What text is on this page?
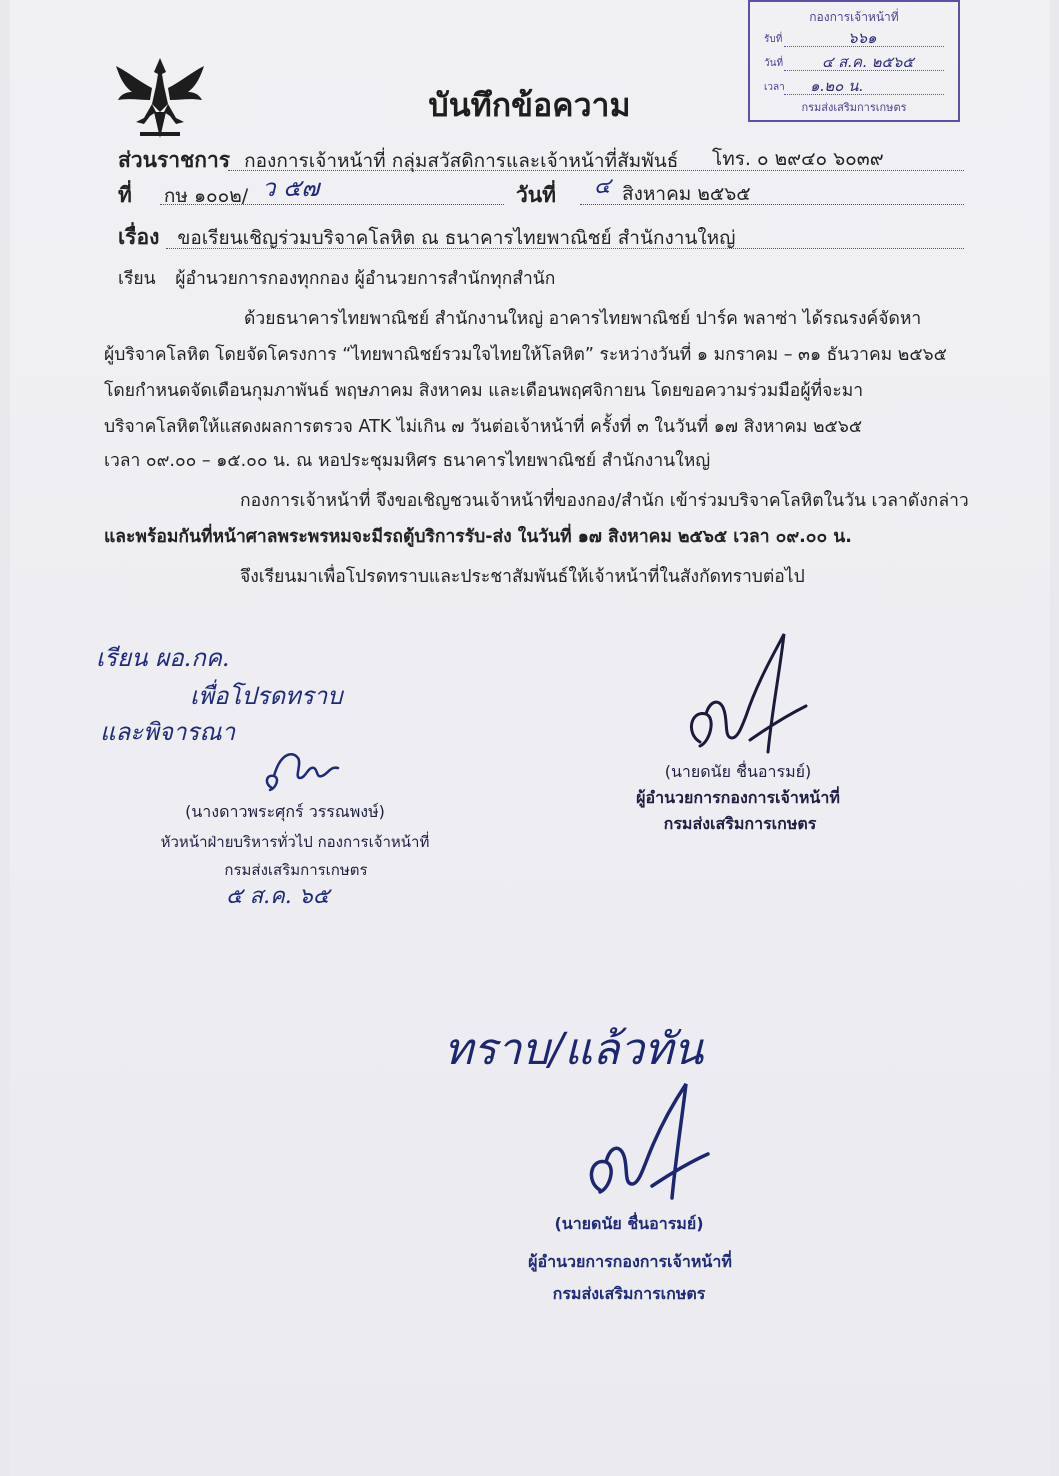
บันทึกข้อความ
กองการเจ้าหน้าที่
รับที่	๖๖๑
วันที่	๔ ส.ค. ๒๕๖๕
เวลา ๑.๒๐ น.
กรมส่งเสริมการเกษตร
ส่วนราชการ กองการเจ้าหน้าที่ กลุ่มสวัสดิการและเจ้าหน้าที่สัมพันธ์ โทร. ๐ ๒๙๔๐ ๖๐๓๙
ที่ กษ ๑๐๐๒/ ว ๕๗	วันที่ ๔ สิงหาคม ๒๕๖๕
เรื่อง ขอเรียนเชิญร่วมบริจาคโลหิต ณ ธนาคารไทยพาณิชย์ สำนักงานใหญ่
เรียน ผู้อำนวยการกองทุกกอง ผู้อำนวยการสำนักทุกสำนัก
ด้วยธนาคารไทยพาณิชย์ สำนักงานใหญ่ อาคารไทยพาณิชย์ ปาร์ค พลาซ่า ได้รณรงค์จัดหา
ผู้บริจาคโลหิต โดยจัดโครงการ “ไทยพาณิชย์รวมใจไทยให้โลหิต” ระหว่างวันที่ ๑ มกราคม – ๓๑ ธันวาคม ๒๕๖๕
โดยกำหนดจัดเดือนกุมภาพันธ์ พฤษภาคม สิงหาคม และเดือนพฤศจิกายน โดยขอความร่วมมือผู้ที่จะมา
บริจาคโลหิตให้แสดงผลการตรวจ ATK ไม่เกิน ๗ วันต่อเจ้าหน้าที่ ครั้งที่ ๓ ในวันที่ ๑๗ สิงหาคม ๒๕๖๕
เวลา ๐๙.๐๐ – ๑๕.๐๐ น. ณ หอประชุมมหิศร ธนาคารไทยพาณิชย์ สำนักงานใหญ่
กองการเจ้าหน้าที่ จึงขอเชิญชวนเจ้าหน้าที่ของกอง/สำนัก เข้าร่วมบริจาคโลหิตในวัน เวลาดังกล่าว
และพร้อมกันที่หน้าศาลพระพรหมจะมีรถตู้บริการรับ-ส่ง ในวันที่ ๑๗ สิงหาคม ๒๕๖๕ เวลา ๐๙.๐๐ น.
จึงเรียนมาเพื่อโปรดทราบและประชาสัมพันธ์ให้เจ้าหน้าที่ในสังกัดทราบต่อไป
เรียน ผอ.กค.
เพื่อโปรดทราบ
และพิจารณา
(นางดาวพระศุกร์ วรรณพงษ์)
หัวหน้าฝ่ายบริหารทั่วไป กองการเจ้าหน้าที่
กรมส่งเสริมการเกษตร
๕ ส.ค. ๖๕
(นายดนัย ชื่นอารมย์)
ผู้อำนวยการกองการเจ้าหน้าที่
กรมส่งเสริมการเกษตร
ทราบ/แล้วทัน
(นายดนัย ชื่นอารมย์)
ผู้อำนวยการกองการเจ้าหน้าที่
กรมส่งเสริมการเกษตร
